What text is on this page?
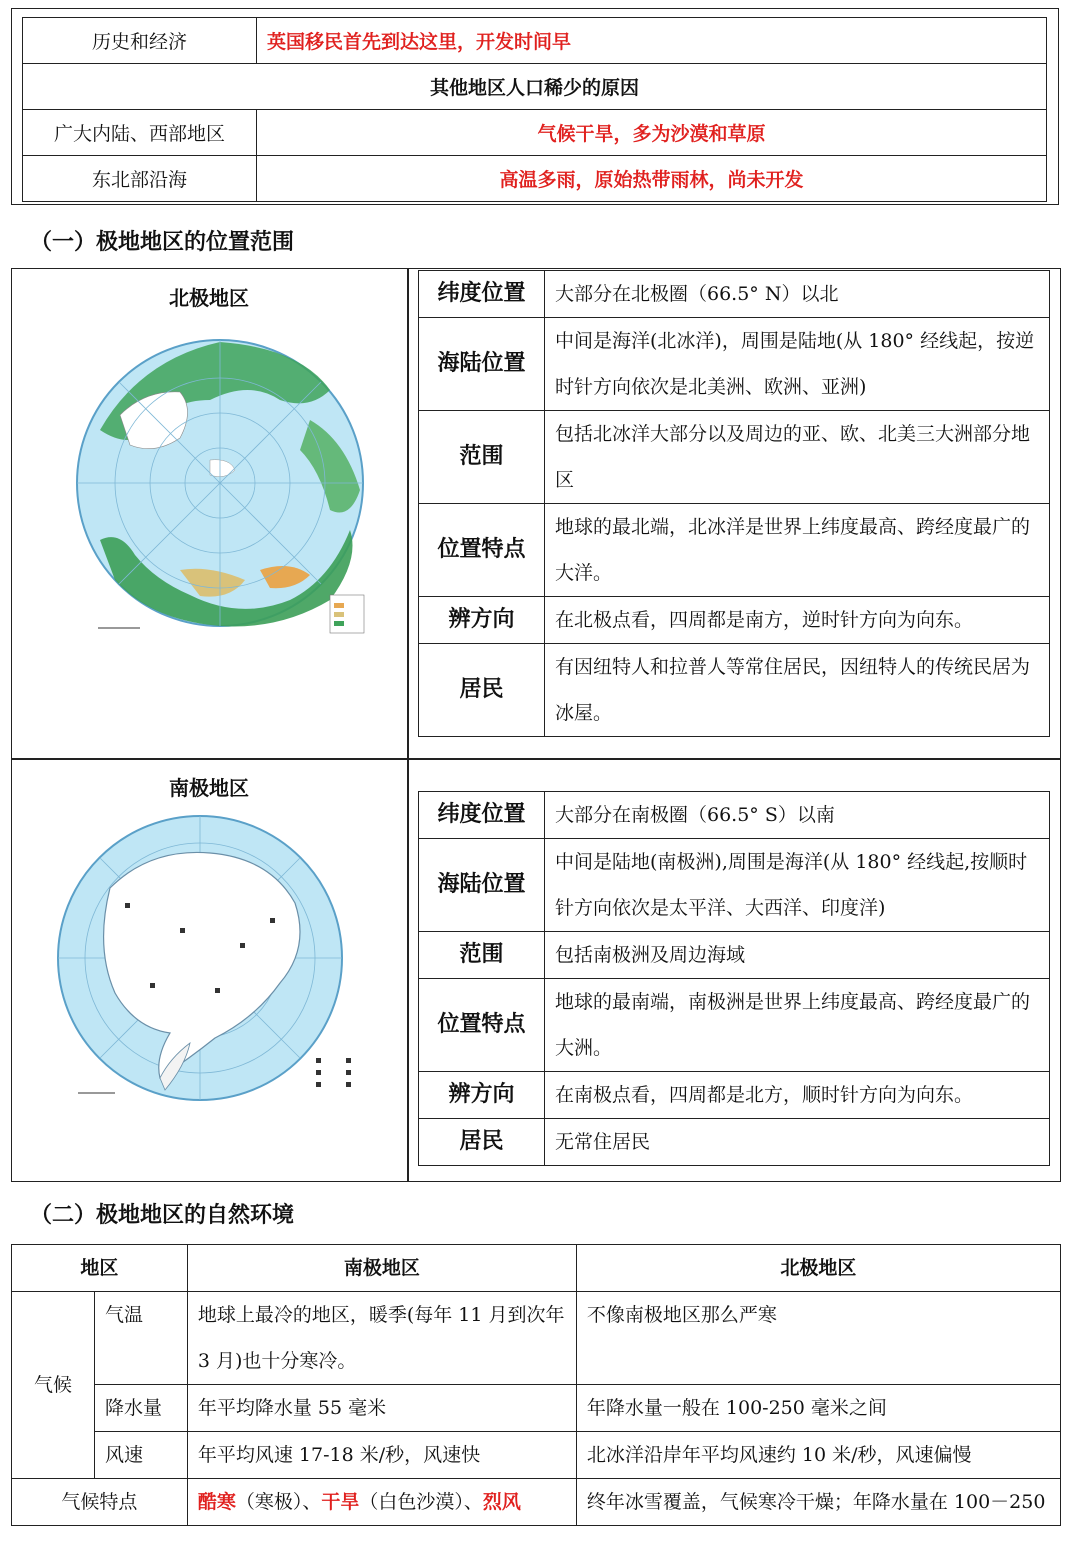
历史和经济	英国移民首先到达这里，开发时间早
其他地区人口稀少的原因	
广大内陆、西部地区	气候干旱，多为沙漠和草原
东北部沿海	高温多雨，原始热带雨林，尚未开发
（一）极地地区的位置范围
北极地区	纬度位置	大部分在北极圈（66.5° N）以北
海陆位置	中间是海洋(北冰洋)，周围是陆地(从 180° 经线起，按逆时针方向依次是北美洲、欧洲、亚洲)
范围	包括北冰洋大部分以及周边的亚、欧、北美三大洲部分地区
位置特点	地球的最北端，北冰洋是世界上纬度最高、跨经度最广的大洋。
辨方向	在北极点看，四周都是南方，逆时针方向为向东。
居民	有因纽特人和拉普人等常住居民，因纽特人的传统民居为冰屋。
南极地区
纬度位置	大部分在南极圈（66.5° S）以南
海陆位置	中间是陆地(南极洲),周围是海洋(从 180° 经线起,按顺时针方向依次是太平洋、大西洋、印度洋)
范围	包括南极洲及周边海域
位置特点	地球的最南端，南极洲是世界上纬度最高、跨经度最广的大洲。
辨方向	在南极点看，四周都是北方，顺时针方向为向东。
居民	无常住居民
（二）极地地区的自然环境
地区		南极地区	北极地区
气候	气温	地球上最冷的地区，暖季(每年 11 月到次年 3 月)也十分寒冷。	不像南极地区那么严寒
	降水量	年平均降水量 55 毫米	年降水量一般在 100-250 毫米之间
	风速	年平均风速 17-18 米/秒，风速快	北冰洋沿岸年平均风速约 10 米/秒，风速偏慢
气候特点		酷寒（寒极）、干旱（白色沙漠）、烈风	终年冰雪覆盖，气候寒冷干燥；年降水量在 100－250
